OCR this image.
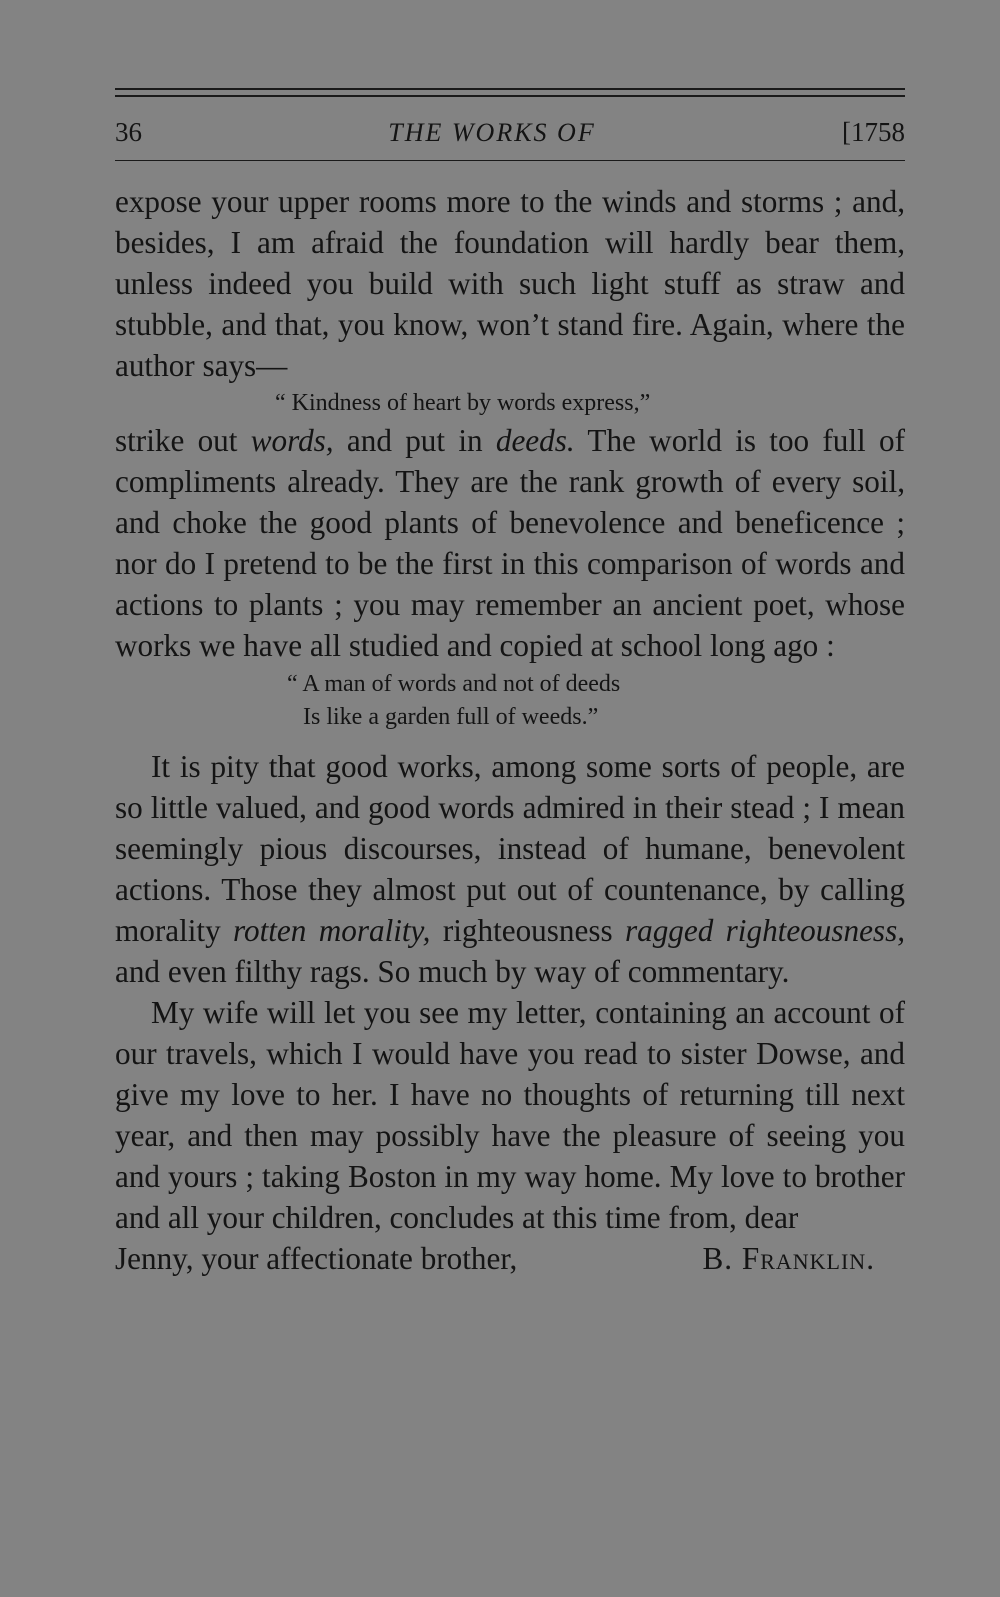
36	THE WORKS OF	[1758

expose your upper rooms more to the winds and storms ; and, besides, I am afraid the foundation will hardly bear them, unless indeed you build with such light stuff as straw and stubble, and that, you know, won’t stand fire. Again, where the author says—

“ Kindness of heart by words express,”

strike out words, and put in deeds. The world is too full of compliments already. They are the rank growth of every soil, and choke the good plants of benevolence and beneficence ; nor do I pretend to be the first in this comparison of words and actions to plants ; you may remember an ancient poet, whose works we have all studied and copied at school long ago :

“ A man of words and not of deeds
Is like a garden full of weeds.”

It is pity that good works, among some sorts of people, are so little valued, and good words admired in their stead ; I mean seemingly pious discourses, instead of humane, benevolent actions. Those they almost put out of countenance, by calling morality rotten morality, righteousness ragged righteousness, and even filthy rags. So much by way of commentary.

My wife will let you see my letter, containing an account of our travels, which I would have you read to sister Dowse, and give my love to her. I have no thoughts of returning till next year, and then may possibly have the pleasure of seeing you and yours ; taking Boston in my way home. My love to brother and all your children, concludes at this time from, dear

Jenny, your affectionate brother,	B. Franklin.
